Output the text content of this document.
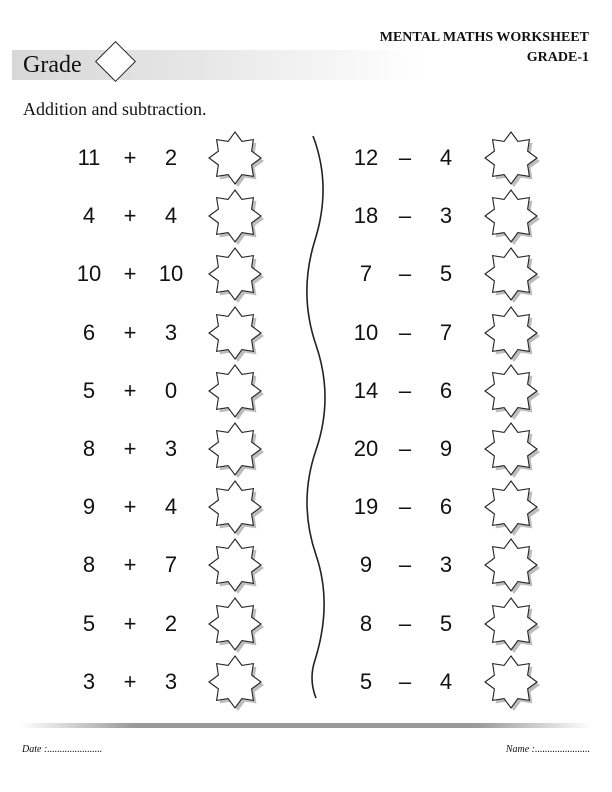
Grade
MENTAL MATHS WORKSHEET
GRADE-1
Addition and subtraction.
11	+	2
4	+	4
10	+	10
6	+	3
5	+	0
8	+	3
9	+	4
8	+	7
5	+	2
3	+	3
12 –	4
18 –	3
7	–	5
10 –	7
14 –	6
20 –	9
19 –	6
9	–	3
8	–	5
5	–	4
Date :......................	Name :......................
